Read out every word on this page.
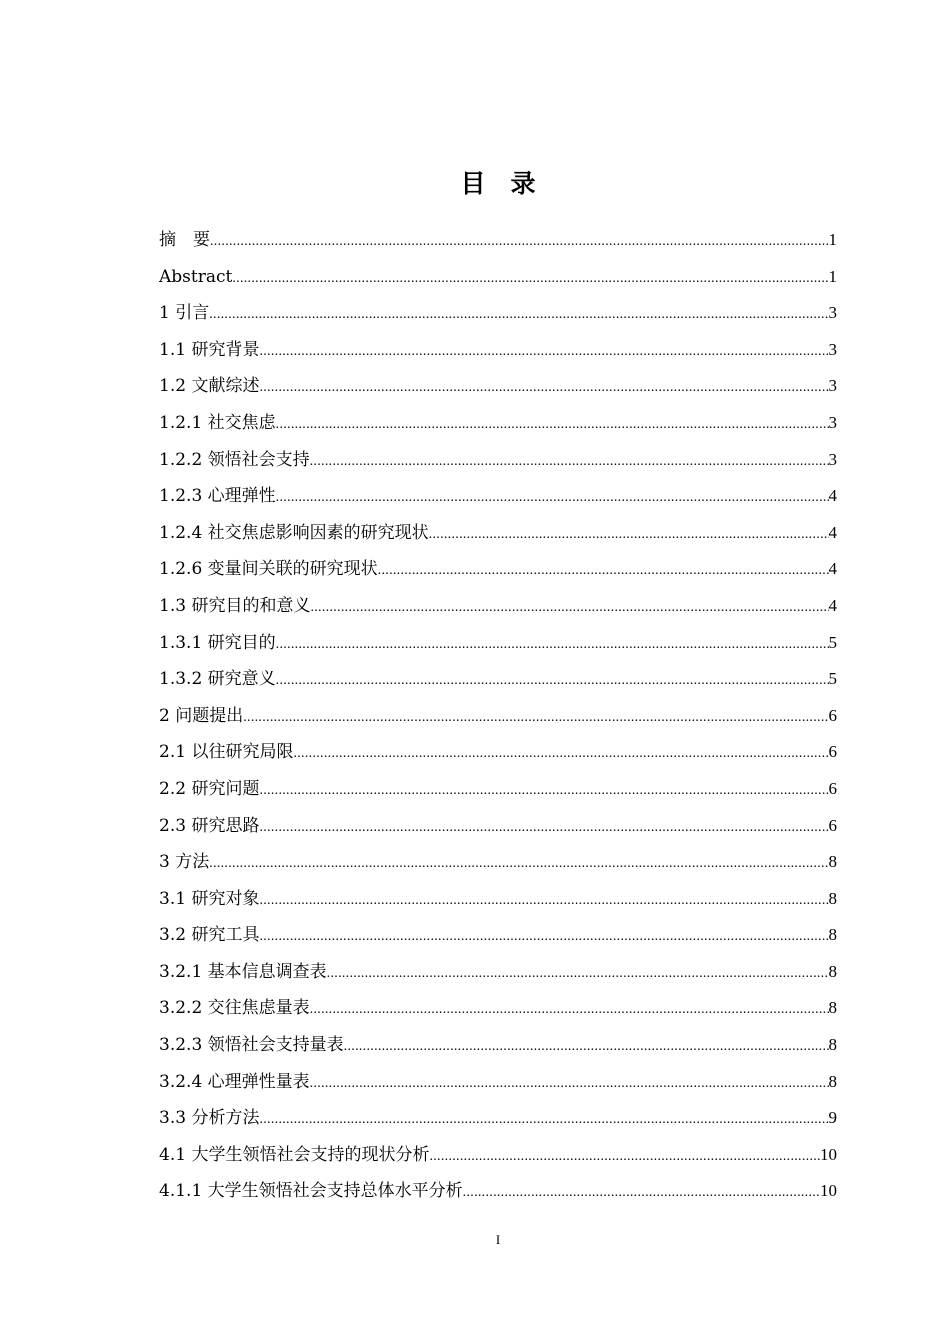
目　录
摘　要 .....	1
Abstract .....	1
1 引言 .....	3
1.1 研究背景 .....	3
1.2 文献综述 .....	3
1.2.1 社交焦虑 .....	3
1.2.2 领悟社会支持 .....	3
1.2.3 心理弹性 .....	4
1.2.4 社交焦虑影响因素的研究现状 .....	4
1.2.6 变量间关联的研究现状 .....	4
1.3 研究目的和意义 .....	4
1.3.1 研究目的 .....	5
1.3.2 研究意义 .....	5
2 问题提出 .....	6
2.1 以往研究局限 .....	6
2.2 研究问题 .....	6
2.3 研究思路 .....	6
3 方法 .....	8
3.1 研究对象 .....	8
3.2 研究工具 .....	8
3.2.1 基本信息调查表 .....	8
3.2.2 交往焦虑量表 .....	8
3.2.3 领悟社会支持量表 .....	8
3.2.4 心理弹性量表 .....	8
3.3 分析方法 .....	9
4.1 大学生领悟社会支持的现状分析 .....	10
4.1.1 大学生领悟社会支持总体水平分析 .....	10
I
